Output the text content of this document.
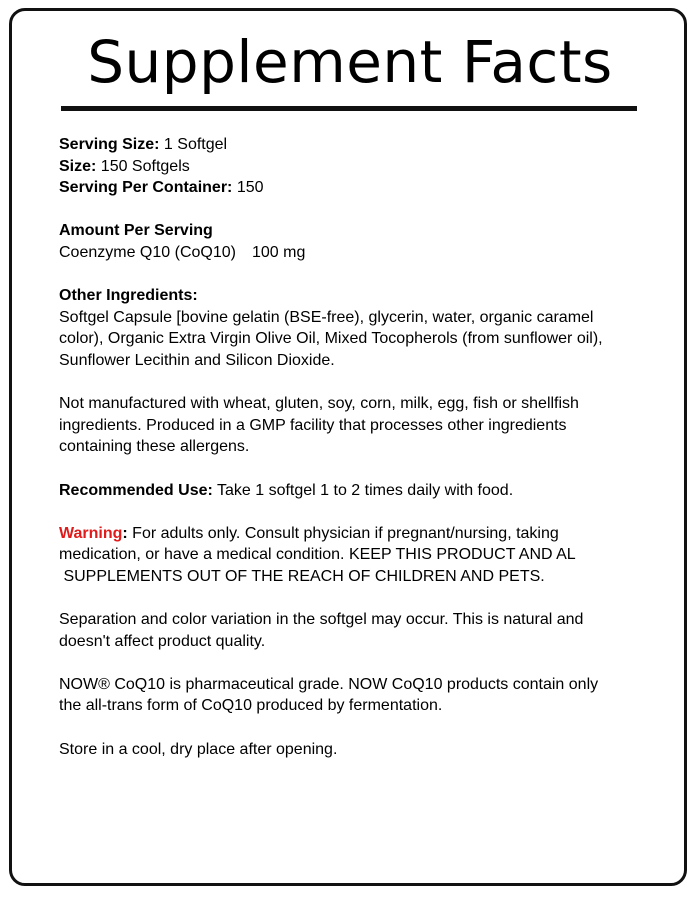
Supplement Facts

Serving Size: 1 Softgel

Size: 150 Softgels

Serving Per Container: 150

Amount Per Serving

Coenzyme Q10 (CoQ10) 100 mg

Other Ingredients:

Softgel Capsule [bovine gelatin (BSE-free), glycerin, water, organic caramel

color), Organic Extra Virgin Olive Oil, Mixed Tocopherols (from sunflower oil),

Sunflower Lecithin and Silicon Dioxide.

Not manufactured with wheat, gluten, soy, corn, milk, egg, fish or shellfish

ingredients. Produced in a GMP facility that processes other ingredients

containing these allergens.

Recommended Use: Take 1 softgel 1 to 2 times daily with food.

Warning: For adults only. Consult physician if pregnant/nursing, taking

medication, or have a medical condition. KEEP THIS PRODUCT AND AL

SUPPLEMENTS OUT OF THE REACH OF CHILDREN AND PETS.

Separation and color variation in the softgel may occur. This is natural and

doesn't affect product quality.

NOW® CoQ10 is pharmaceutical grade. NOW CoQ10 products contain only

the all-trans form of CoQ10 produced by fermentation.

Store in a cool, dry place after opening.
